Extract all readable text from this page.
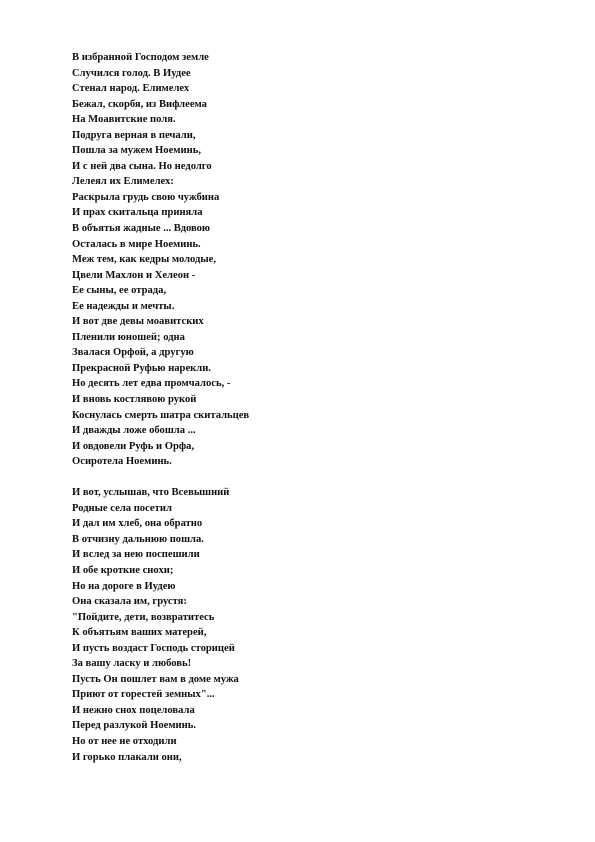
В избранной Господом земле
Случился голод. В Иудее
Стенал народ. Елимелех
Бежал, скорбя, из Вифлеема
На Моавитские поля.
Подруга верная в печали,
Пошла за мужем Ноеминь,
И с ней два сына. Но недолго
Лелеял их Елимелех:
Раскрыла грудь свою чужбина
И прах скитальца приняла
В объятья жадные ... Вдовою
Осталась в мире Ноеминь.
Меж тем, как кедры молодые,
Цвели Махлон и Хелеон -
Ее сыны, ее отрада,
Ее надежды и мечты.
И вот две девы моавитских
Пленили юношей; одна
Звалася Орфой, а другую
Прекрасной Руфью нарекли.
Но десять лет едва промчалось, -
И вновь костлявою рукой
Коснулась смерть шатра скитальцев
И дважды ложе обошла ...
И овдовели Руфь и Орфа,
Осиротела Ноеминь.
И вот, услышав, что Всевышний
Родные села посетил
И дал им хлеб, она обратно
В отчизну дальнюю пошла.
И вслед за нею поспешили
И обе кроткие снохи;
Но на дороге в Иудею
Она сказала им, грустя:
"Пойдите, дети, возвратитесь
К объятьям ваших матерей,
И пусть воздаст Господь сторицей
За вашу ласку и любовь!
Пусть Он пошлет вам в доме мужа
Приют от горестей земных"...
И нежно снох поцеловала
Перед разлукой Ноеминь.
Но от нее не отходили
И горько плакали они,
